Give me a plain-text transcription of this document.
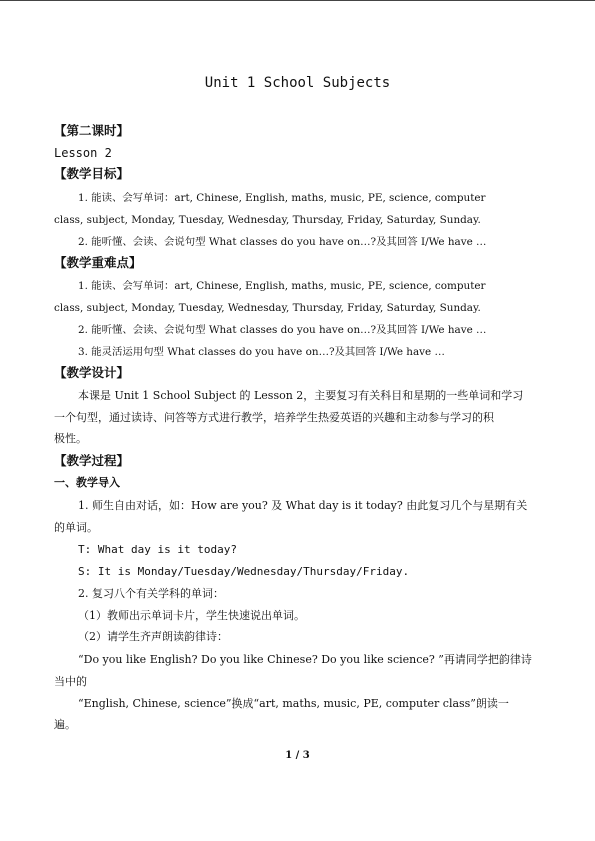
Unit 1 School Subjects
【第二课时】
Lesson 2
【教学目标】
1. 能读、会写单词：art, Chinese, English, maths, music, PE, science, computer
class, subject, Monday, Tuesday, Wednesday, Thursday, Friday, Saturday, Sunday.
2. 能听懂、会读、会说句型 What classes do you have on…?及其回答 I/We have …
【教学重难点】
1. 能读、会写单词：art, Chinese, English, maths, music, PE, science, computer
class, subject, Monday, Tuesday, Wednesday, Thursday, Friday, Saturday, Sunday.
2. 能听懂、会读、会说句型 What classes do you have on…?及其回答 I/We have …
3. 能灵活运用句型 What classes do you have on…?及其回答 I/We have …
【教学设计】
本课是 Unit 1 School Subject 的 Lesson 2，主要复习有关科目和星期的一些单词和学习
一个句型，通过读诗、问答等方式进行教学，培养学生热爱英语的兴趣和主动参与学习的积
极性。
【教学过程】
一、教学导入
1. 师生自由对话，如：How are you? 及 What day is it today? 由此复习几个与星期有关
的单词。
T: What day is it today?
S: It is Monday/Tuesday/Wednesday/Thursday/Friday.
2. 复习八个有关学科的单词：
（1）教师出示单词卡片，学生快速说出单词。
（2）请学生齐声朗读韵律诗：
“Do you like English? Do you like Chinese? Do you like science? ”再请同学把韵律诗
当中的
“English, Chinese, science”换成“art, maths, music, PE, computer class”朗读一
遍。
1 / 3
